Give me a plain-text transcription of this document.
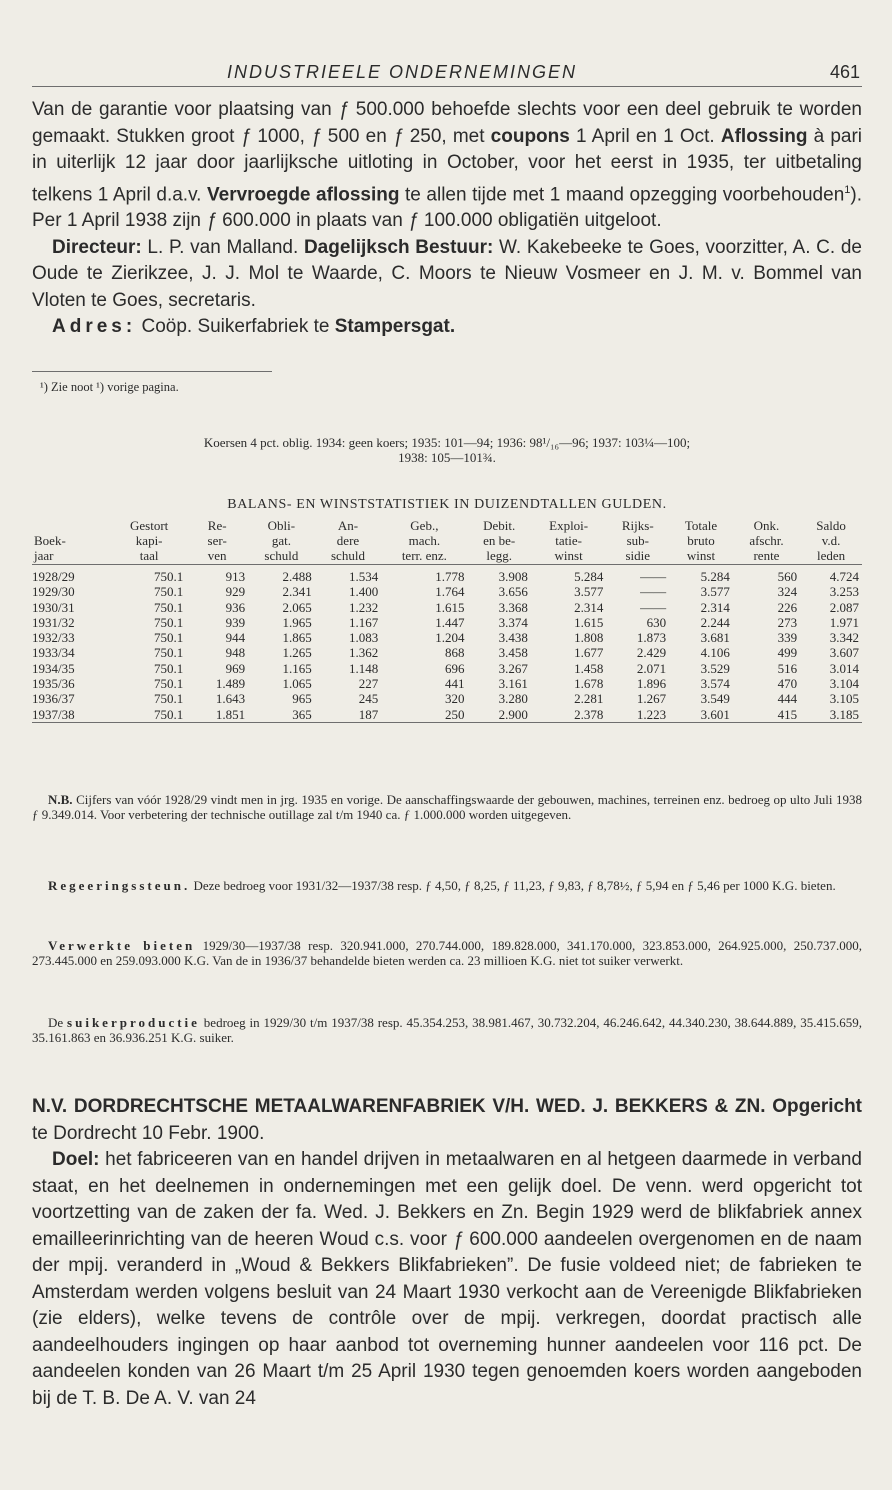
INDUSTRIEELE ONDERNEMINGEN	461

Van de garantie voor plaatsing van ƒ 500.000 behoefde slechts voor een deel gebruik te worden gemaakt. Stukken groot ƒ 1000, ƒ 500 en ƒ 250, met coupons 1 April en 1 Oct. Aflossing à pari in uiterlijk 12 jaar door jaarlijksche uitloting in October, voor het eerst in 1935, ter uitbetaling telkens 1 April d.a.v. Vervroegde aflossing te allen tijde met 1 maand opzegging voorbehouden$^1$). Per 1 April 1938 zijn ƒ 600.000 in plaats van ƒ 100.000 obligatiën uitgeloot.

Directeur: L. P. van Malland. Dagelijksch Bestuur: W. Kakebeeke te Goes, voorzitter, A. C. de Oude te Zierikzee, J. J. Mol te Waarde, C. Moors te Nieuw Vosmeer en J. M. v. Bommel van Vloten te Goes, secretaris.

Adres: Coöp. Suikerfabriek te Stampersgat.

¹) Zie noot ¹) vorige pagina.
Koersen 4 pct. oblig. 1934: geen koers; 1935: 101—94; 1936: 98¹/₁₆—96; 1937: 103¼—100;
1938: 105—101¾.
BALANS- EN WINSTSTATISTIEK IN DUIZENDTALLEN GULDEN.
	Gestort	Re-	Obli-	An-	Geb.,	Debit.	Exploi-	Rijks-	Totale	Onk.	Saldo
Boek-	kapi-	ser-	gat.	dere	mach.	en be-	tatie-	sub-	bruto	afschr.	v.d.
jaar	taal	ven	schuld	schuld	terr. enz.	legg.	winst	sidie	winst	rente	leden
1928/29	750.1	913	2.488	1.534	1.778	3.908	5.284	——	5.284	560	4.724
1929/30	750.1	929	2.341	1.400	1.764	3.656	3.577	——	3.577	324	3.253
1930/31	750.1	936	2.065	1.232	1.615	3.368	2.314	——	2.314	226	2.087
1931/32	750.1	939	1.965	1.167	1.447	3.374	1.615	630	2.244	273	1.971
1932/33	750.1	944	1.865	1.083	1.204	3.438	1.808	1.873	3.681	339	3.342
1933/34	750.1	948	1.265	1.362	868	3.458	1.677	2.429	4.106	499	3.607
1934/35	750.1	969	1.165	1.148	696	3.267	1.458	2.071	3.529	516	3.014
1935/36	750.1	1.489	1.065	227	441	3.161	1.678	1.896	3.574	470	3.104
1936/37	750.1	1.643	965	245	320	3.280	2.281	1.267	3.549	444	3.105
1937/38	750.1	1.851	365	187	250	2.900	2.378	1.223	3.601	415	3.185

N.B. Cijfers van vóór 1928/29 vindt men in jrg. 1935 en vorige. De aanschaffingswaarde der gebouwen, machines, terreinen enz. bedroeg op ulto Juli 1938 ƒ 9.349.014. Voor verbetering der technische outillage zal t/m 1940 ca. ƒ 1.000.000 worden uitgegeven.

Regeeringssteun. Deze bedroeg voor 1931/32—1937/38 resp. ƒ 4,50, ƒ 8,25, ƒ 11,23, ƒ 9,83, ƒ 8,78½, ƒ 5,94 en ƒ 5,46 per 1000 K.G. bieten.

Verwerkte bieten 1929/30—1937/38 resp. 320.941.000, 270.744.000, 189.828.000, 341.170.000, 323.853.000, 264.925.000, 250.737.000, 273.445.000 en 259.093.000 K.G. Van de in 1936/37 behandelde bieten werden ca. 23 millioen K.G. niet tot suiker verwerkt.

De suikerproductie bedroeg in 1929/30 t/m 1937/38 resp. 45.354.253, 38.981.467, 30.732.204, 46.246.642, 44.340.230, 38.644.889, 35.415.659, 35.161.863 en 36.936.251 K.G. suiker.

N.V. DORDRECHTSCHE METAALWARENFABRIEK V/H. WED. J. BEKKERS & ZN. Opgericht te Dordrecht 10 Febr. 1900.

Doel: het fabriceeren van en handel drijven in metaalwaren en al hetgeen daarmede in verband staat, en het deelnemen in ondernemingen met een gelijk doel. De venn. werd opgericht tot voortzetting van de zaken der fa. Wed. J. Bekkers en Zn. Begin 1929 werd de blikfabriek annex emailleerinrichting van de heeren Woud c.s. voor ƒ 600.000 aandeelen overgenomen en de naam der mpij. veranderd in „Woud & Bekkers Blikfabrieken”. De fusie voldeed niet; de fabrieken te Amsterdam werden volgens besluit van 24 Maart 1930 verkocht aan de Vereenigde Blikfabrieken (zie elders), welke tevens de contrôle over de mpij. verkregen, doordat practisch alle aandeelhouders ingingen op haar aanbod tot overneming hunner aandeelen voor 116 pct. De aandeelen konden van 26 Maart t/m 25 April 1930 tegen genoemden koers worden aangeboden bij de T. B. De A. V. van 24
